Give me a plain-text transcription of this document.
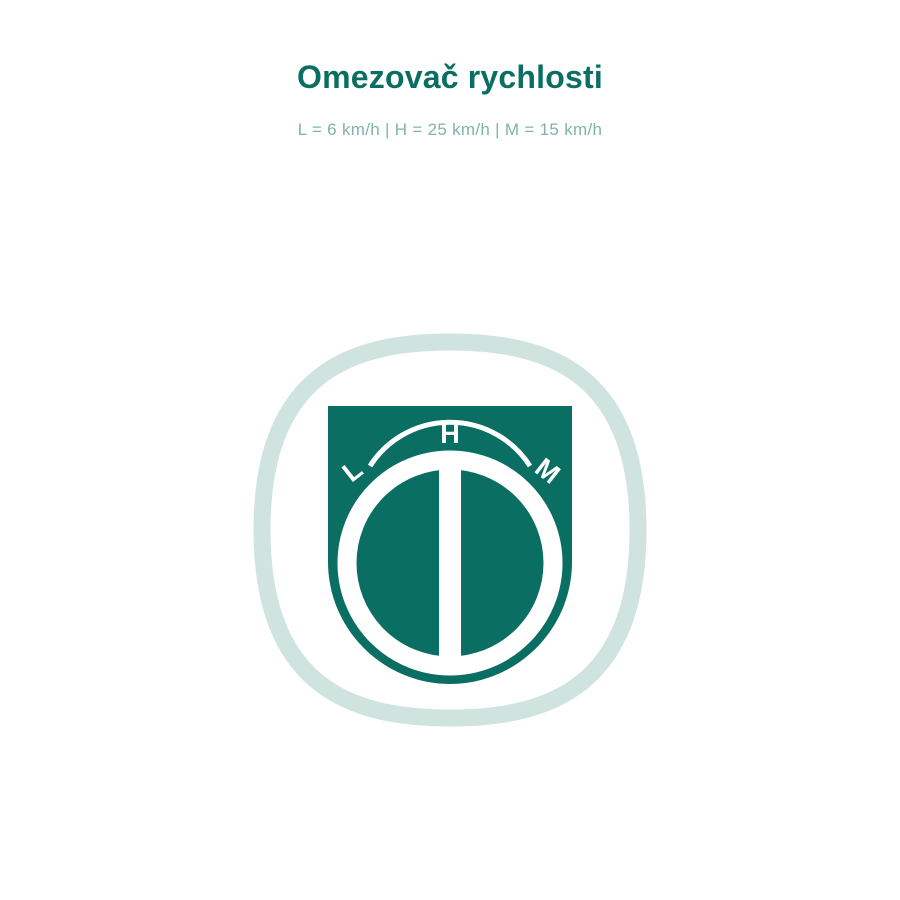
Omezovač rychlosti
L = 6 km/h | H = 25 km/h | M = 15 km/h
L
H
M
